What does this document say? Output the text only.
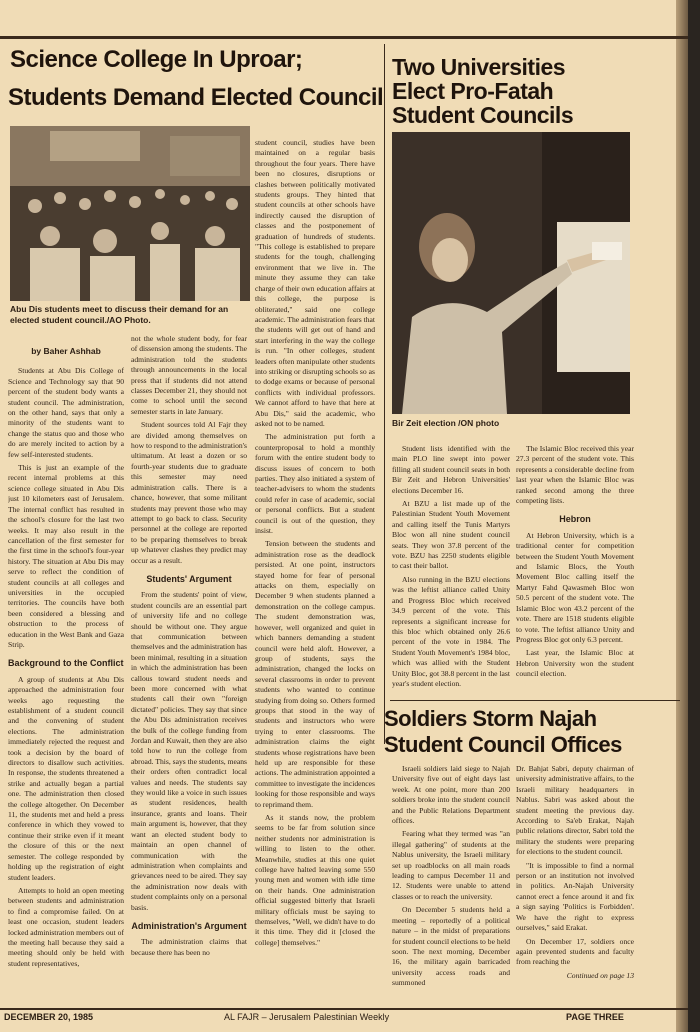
Science College In Uproar;
Students Demand Elected Council
Two Universities
Elect Pro-Fatah
Student Councils
Abu Dis students meet to discuss their demand for an elected student council./AO Photo.
Bir Zeit election /ON photo
by Baher Ashhab

Students at Abu Dis College of Science and Technology say that 90 percent of the student body wants a student council. The administration, on the other hand, says that only a minority of the students want to change the status quo and those who do are merely incited to action by a few self-interested students.

This is just an example of the recent internal problems at this science college situated in Abu Dis just 10 kilometers east of Jerusalem. The internal conflict has resulted in the school's closure for the last two weeks. It may also result in the cancellation of the first semester for the first time in the school's four-year history. The situation at Abu Dis may serve to reflect the condition of student councils at all colleges and universities in the occupied territories. The councils have both been considered a blessing and obstruction to the process of education in the West Bank and Gaza Strip.

Background to the Conflict

A group of students at Abu Dis approached the administration four weeks ago requesting the establishment of a student council and the convening of student elections. The administration immediately rejected the request and took a decision by the board of directors to disallow such activities. In response, the students threatened a strike and actually began a partial one. The administration then closed the college altogether. On December 11, the students met and held a press conference in which they vowed to continue their strike even if it meant the closure of this or the next semester. The college responded by holding up the registration of eight student leaders.

Attempts to hold an open meeting between students and administration to find a compromise failed. On at least one occasion, student leaders locked administration members out of the meeting hall because they said a meeting should only be held with student representatives,

not the whole student body, for fear of dissension among the students. The administration told the students through announcements in the local press that if students did not attend classes December 21, they should not come to school until the second semester starts in late January.

Student sources told Al Fajr they are divided among themselves on how to respond to the administration's ultimatum. At least a dozen or so fourth-year students due to graduate this semester may need administration calls. There is a chance, however, that some militant students may prevent those who may attempt to go back to class. Security personnel at the college are reported to be preparing themselves to break up whatever clashes they predict may occur as a result.

Students' Argument

From the students' point of view, student councils are an essential part of university life and no college should be without one. They argue that communication between themselves and the administration has been minimal, resulting in a situation in which the administration has been callous toward student needs and been more concerned with what students call their own "foreign dictated" policies. They say that since the Abu Dis administration receives the bulk of the college funding from Jordan and Kuwait, then they are also told how to run the college from abroad. This, says the students, means their orders often contradict local values and needs. The students say they would like a voice in such issues as student residences, health insurance, grants and loans. Their main argument is, however, that they want an elected student body to maintain an open channel of communication with the administration when complaints and grievances need to be aired. They say the administration now deals with student complaints only on a personal basis.

Administration's Argument

The administration claims that because there has been no

student council, studies have been maintained on a regular basis throughout the four years. There have been no closures, disruptions or clashes between politically motivated students groups. They hinted that student councils at other schools have indirectly caused the disruption of classes and the postponement of graduation of hundreds of students. "This college is established to prepare students for the tough, challenging environment that we live in. The minute they assume they can take charge of their own education affairs at this college, the purpose is obliterated," said one college academic. The administration fears that the students will get out of hand and start interfering in the way the college is run. "In other colleges, student leaders often manipulate other students into striking or disrupting schools so as to dodge exams or because of personal conflicts with individual professors. We cannot afford to have that here at Abu Dis," said the academic, who asked not to be named.

The administration put forth a counterproposal to hold a monthly forum with the entire student body to discuss issues of concern to both parties. They also initiated a system of teacher-advisers to whom the students could refer in case of academic, social or personal conflicts. But a student council is out of the question, they insist.

Tension between the students and administration rose as the deadlock persisted. At one point, instructors stayed home for fear of personal attacks on them, especially on December 9 when students planned a demonstration on the college campus. The student demonstration was, however, well organized and quiet in which banners demanding a student council were held aloft. However, a group of students, says the administration, changed the locks on several classrooms in order to prevent students who wanted to continue studying from doing so. Others formed groups that stood in the way of students and instructors who were trying to enter classrooms. The administration claims the eight students whose registrations have been held up are responsible for these actions. The administration appointed a committee to investigate the incidences looking for those responsible and ways to reprimand them.

As it stands now, the problem seems to be far from solution since neither students nor administration is willing to listen to the other. Meanwhile, studies at this one quiet college have halted leaving some 550 young men and women with idle time on their hands. One administration official suggested bitterly that Israeli military officials must be saying to themselves, "Well, we didn't have to do it this time. They did it [closed the college] themselves."

Student lists identified with the main PLO line swept into power filling all student council seats in both Bir Zeit and Hebron Universities' elections December 16.

At BZU a list made up of the Palestinian Student Youth Movement and calling itself the Tunis Martyrs Bloc won all nine student council seats. They won 37.8 percent of the vote. BZU has 2250 students eligible to cast their ballot.

Also running in the BZU elections was the leftist alliance called Unity and Progress Bloc which received 34.9 percent of the vote. This represents a significant increase for this bloc which obtained only 26.6 percent of the vote in 1984. The Student Youth Movement's 1984 bloc, which was allied with the Student Unity Bloc, got 38.8 percent in the last year's student election.

The Islamic Bloc received this year 27.3 percent of the student vote. This represents a considerable decline from last year when the Islamic Bloc was ranked second among the three competing lists.

Hebron

At Hebron University, which is a traditional center for competition between the Student Youth Movement and Islamic Blocs, the Youth Movement Bloc calling itself the Martyr Fahd Qawasmeh Bloc won 50.5 percent of the student vote. The Islamic Bloc won 43.2 percent of the vote. There are 1518 students eligible to vote. The leftist alliance Unity and Progress Bloc got only 6.3 percent.

Last year, the Islamic Bloc at Hebron University won the student council election.

Soldiers Storm Najah Student Council Offices

Israeli soldiers laid siege to Najah University five out of eight days last week. At one point, more than 200 soldiers broke into the student council and the Public Relations Department offices.

Fearing what they termed was "an illegal gathering" of students at the Nablus university, the Israeli military set up roadblocks on all main roads leading to campus December 11 and 12. Students were unable to attend classes or to reach the university.

On December 5 students held a meeting – reportedly of a political nature – in the midst of preparations for student council elections to be held soon. The next morning, December 16, the military again barricaded university access roads and summoned

Dr. Bahjat Sabri, deputy chairman of university administrative affairs, to the Israeli military headquarters in Nablus. Sabri was asked about the student meeting the previous day. According to Sa'eb Erakat, Najah public relations director, Sabri told the military the students were preparing for elections to the student council.

"It is impossible to find a normal person or an institution not involved in politics. An-Najah University cannot erect a fence around it and fix a sign saying 'Politics is Forbidden'. We have the right to express ourselves," said Erakat.

On December 17, soldiers once again prevented students and faculty from reaching the

Continued on page 13

DECEMBER 20, 1985	AL FAJR – Jerusalem Palestinian Weekly	PAGE THREE
